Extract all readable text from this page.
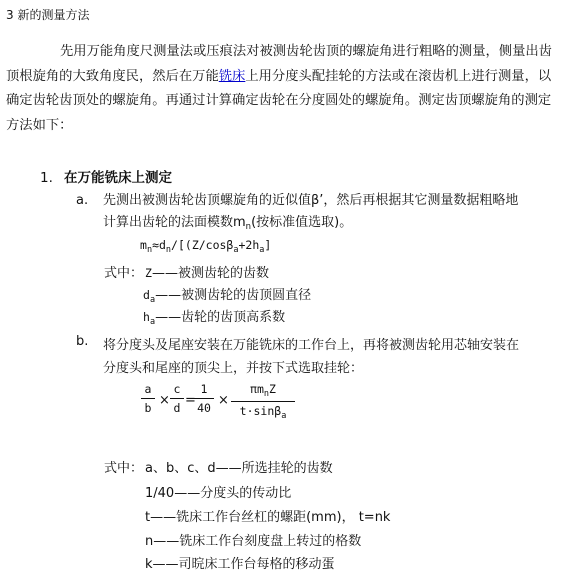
3 新的测量方法
先用万能角度尺测量法或压痕法对被测齿轮齿顶的螺旋角进行粗略的测量，侧量出齿顶根旋角的大致角度民，然后在万能铣床上用分度头配挂轮的方法或在滚齿机上进行测量，以确定齿轮齿顶处的螺旋角。再通过计算确定齿轮在分度圆处的螺旋角。测定齿顶螺旋角的测定方法如下：
1. 在万能铣床上测定
a.	先测出被测齿轮齿顶螺旋角的近似值β’，然后再根据其它测量数据粗略地
计算出齿轮的法面模数$m_n$(按标准值选取)。
$m_n\approx d_n/[(Z/\cos\beta_a+2h_a]$
式中： Z——被测齿轮的齿数
$d_a——$被测齿轮的齿顶圆直径
$h_a——$齿轮的齿顶高系数
b. 将分度头及尾座安装在万能铣床的工作台上，再将被测齿轮用芯轴安装在
分度头和尾座的顶尖上，并按下式选取挂轮：
a
b ×
c
d =
1
40 ×
$\pi m_nZ$
t·sinβ$_a$
式中： a、b、c、d——所选挂轮的齿数
1/40——分度头的传动比
t——铣床工作台丝杠的螺距(mm)， t=nk
n——铣床工作台刻度盘上转过的格数
k——司晥床工作台每格的移动蛋
